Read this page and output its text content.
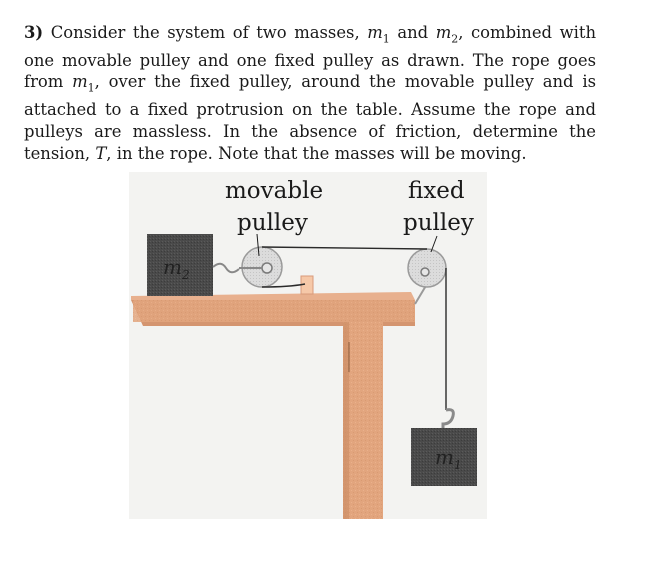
3) Consider the system of two masses, $m_1$ and $m_2$, combined with one movable pulley and one fixed pulley as drawn. The rope goes from $m_1$, over the fixed pulley, around the movable pulley and is attached to a fixed protrusion on the table. Assume the rope and pulleys are massless. In the absence of friction, determine the tension, T, in the rope. Note that the masses will be moving.

$m_2$
$m_1$
movable
pulley
fixed
pulley
